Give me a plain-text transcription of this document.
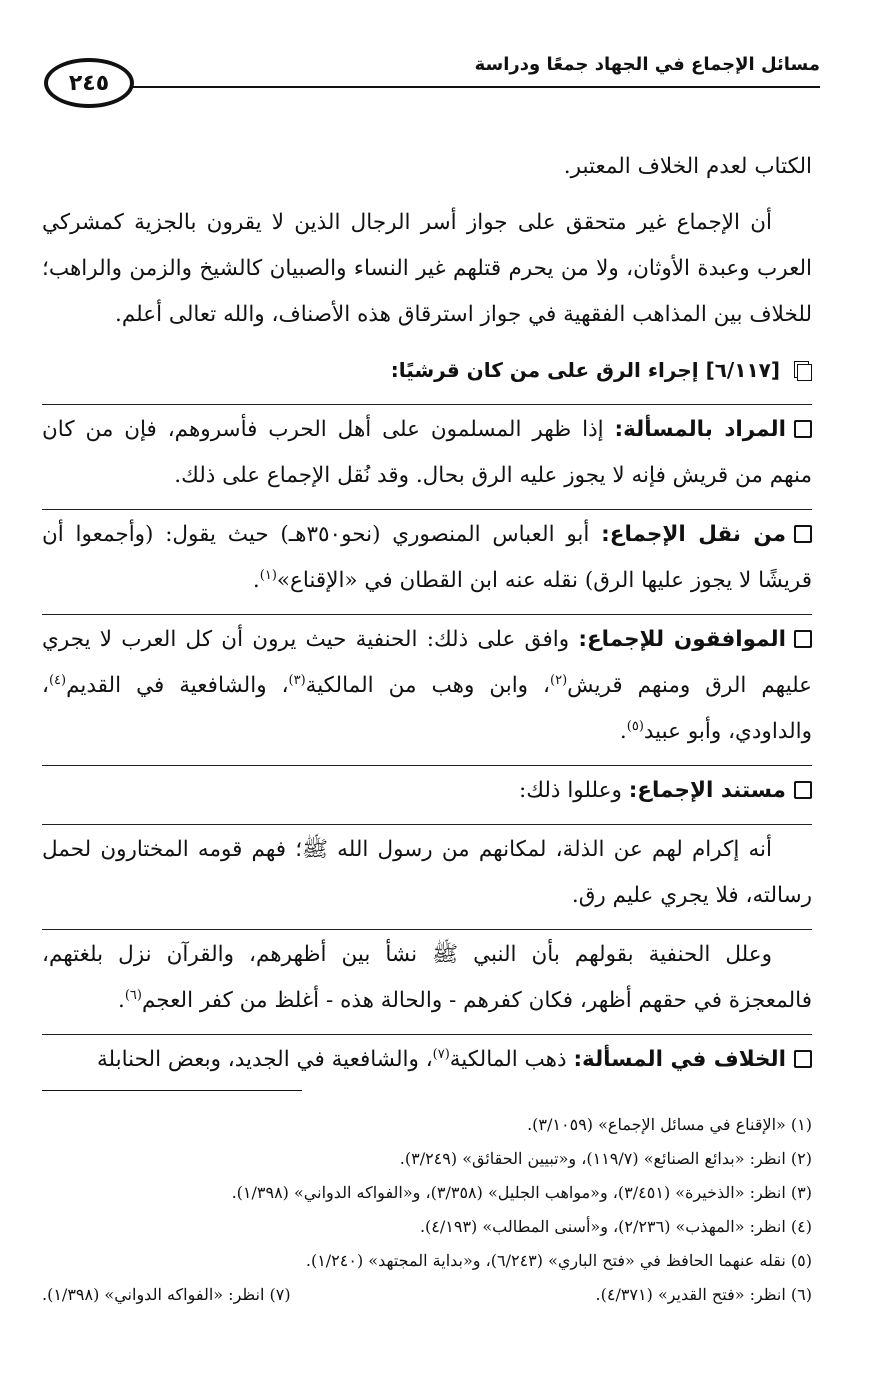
مسائل الإجماع في الجهاد جمعًا ودراسة
٢٤٥

الكتاب لعدم الخلاف المعتبر.

أن الإجماع غير متحقق على جواز أسر الرجال الذين لا يقرون بالجزية كمشركي العرب وعبدة الأوثان، ولا من يحرم قتلهم غير النساء والصبيان كالشيخ والزمن والراهب؛ للخلاف بين المذاهب الفقهية في جواز استرقاق هذه الأصناف، والله تعالى أعلم.

[٦/١١٧] إجراء الرق على من كان قرشيًا:

المراد بالمسألة: إذا ظهر المسلمون على أهل الحرب فأسروهم، فإن من كان منهم من قريش فإنه لا يجوز عليه الرق بحال. وقد نُقل الإجماع على ذلك.

من نقل الإجماع: أبو العباس المنصوري (نحو٣٥٠هـ) حيث يقول: (وأجمعوا أن قريشًا لا يجوز عليها الرق) نقله عنه ابن القطان في «الإقناع»$^{(١)}$.

الموافقون للإجماع: وافق على ذلك: الحنفية حيث يرون أن كل العرب لا يجري عليهم الرق ومنهم قريش$^{(٢)}$، وابن وهب من المالكية$^{(٣)}$، والشافعية في القديم$^{(٤)}$، والداودي، وأبو عبيد$^{(٥)}$.

مستند الإجماع: وعللوا ذلك:

أنه إكرام لهم عن الذلة، لمكانهم من رسول الله ﷺ؛ فهم قومه المختارون لحمل رسالته، فلا يجري عليم رق.

وعلل الحنفية بقولهم بأن النبي ﷺ نشأ بين أظهرهم، والقرآن نزل بلغتهم، فالمعجزة في حقهم أظهر، فكان كفرهم - والحالة هذه - أغلظ من كفر العجم$^{(٦)}$.

الخلاف في المسألة: ذهب المالكية$^{(٧)}$، والشافعية في الجديد، وبعض الحنابلة

(١) «الإقناع في مسائل الإجماع» (٣/١٠٥٩).
(٢) انظر: «بدائع الصنائع» (١١٩/٧)، و«تبيين الحقائق» (٣/٢٤٩).
(٣) انظر: «الذخيرة» (٣/٤٥١)، و«مواهب الجليل» (٣/٣٥٨)، و«الفواكه الدواني» (١/٣٩٨).
(٤) انظر: «المهذب» (٢/٢٣٦)، و«أسنى المطالب» (٤/١٩٣).
(٥) نقله عنهما الحافظ في «فتح الباري» (٦/٢٤٣)، و«بداية المجتهد» (١/٢٤٠).
(٦) انظر: «فتح القدير» (٤/٣٧١).
(٧) انظر: «الفواكه الدواني» (١/٣٩٨).
